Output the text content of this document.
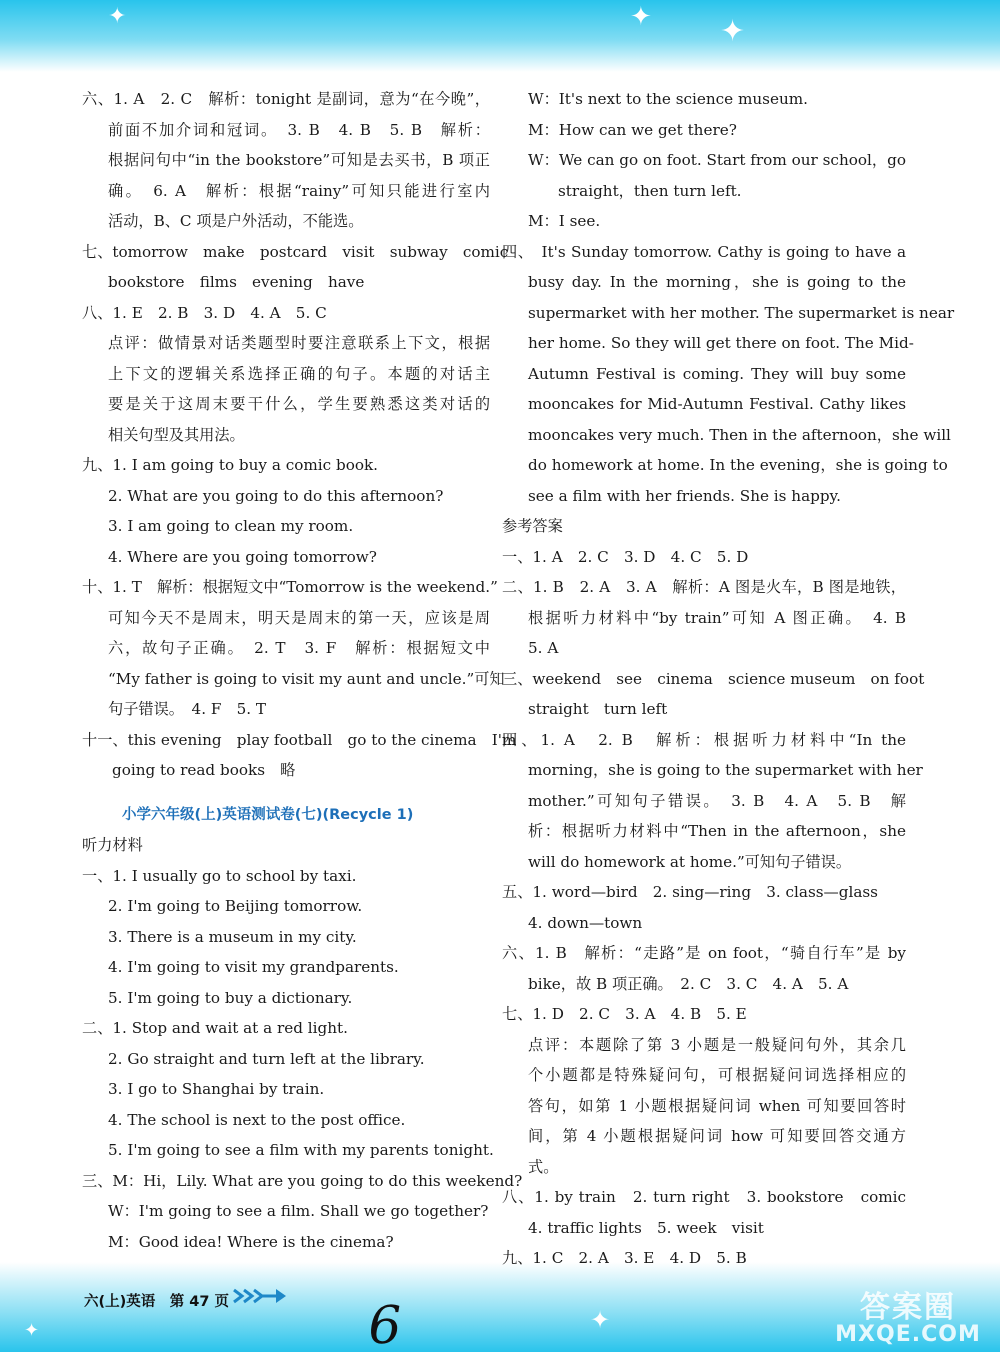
✦	✦ ✦
✦
✦
六、1. A　2. C　解析：tonight 是副词，意为“在今晚”，
前面不加介词和冠词。　3. B　4. B　5. B　解析：
根据问句中“in the bookstore”可知是去买书，B 项正
确。　6. A　解析：根据“rainy”可知只能进行室内
活动，B、C 项是户外活动，不能选。
七、tomorrow　make　postcard　visit　subway　comic
bookstore　films　evening　have
八、1. E　2. B　3. D　4. A　5. C
点评：做情景对话类题型时要注意联系上下文，根据
上下文的逻辑关系选择正确的句子。本题的对话主
要是关于这周末要干什么，学生要熟悉这类对话的
相关句型及其用法。
九、1. I am going to buy a comic book.
2. What are you going to do this afternoon?
3. I am going to clean my room.
4. Where are you going tomorrow?
十、1. T　解析：根据短文中“Tomorrow is the weekend.”
可知今天不是周末，明天是周末的第一天，应该是周
六，故句子正确。　2. T　3. F　解析：根据短文中
“My father is going to visit my aunt and uncle.”可知
句子错误。　4. F　5. T
十一、this evening　play football　go to the cinema　I'm
going to read books　略
小学六年级(上)英语测试卷(七)(Recycle 1)
听力材料
一、1. I usually go to school by taxi.
2. I'm going to Beijing tomorrow.
3. There is a museum in my city.
4. I'm going to visit my grandparents.
5. I'm going to buy a dictionary.
二、1. Stop and wait at a red light.
2. Go straight and turn left at the library.
3. I go to Shanghai by train.
4. The school is next to the post office.
5. I'm going to see a film with my parents tonight.
三、M：Hi，Lily. What are you going to do this weekend?
W：I'm going to see a film. Shall we go together?
M：Good idea! Where is the cinema?
W：It's next to the science museum.
M：How can we get there?
W：We can go on foot. Start from our school，go
straight，then turn left.
M：I see.
四、　It's Sunday tomorrow. Cathy is going to have a
busy day. In the morning，she is going to the
supermarket with her mother. The supermarket is near
her home. So they will get there on foot. The Mid-
Autumn Festival is coming. They will buy some
mooncakes for Mid-Autumn Festival. Cathy likes
mooncakes very much. Then in the afternoon，she will
do homework at home. In the evening，she is going to
see a film with her friends. She is happy.
参考答案
一、1. A　2. C　3. D　4. C　5. D
二、1. B　2. A　3. A　解析：A 图是火车，B 图是地铁，
根据听力材料中“by train”可知 A 图正确。　4. B
5. A
三、weekend　see　cinema　science museum　on foot
straight　turn left
四、1. A　2. B　解析：根据听力材料中“In the
morning，she is going to the supermarket with her
mother.”可知句子错误。　3. B　4. A　5. B　解
析：根据听力材料中“Then in the afternoon，she
will do homework at home.”可知句子错误。
五、1. word—bird　2. sing—ring　3. class—glass
4. down—town
六、1. B　解析：“走路”是 on foot，“骑自行车”是 by
bike，故 B 项正确。　2. C　3. C　4. A　5. A
七、1. D　2. C　3. A　4. B　5. E
点评：本题除了第 3 小题是一般疑问句外，其余几
个小题都是特殊疑问句，可根据疑问词选择相应的
答句，如第 1 小题根据疑问词 when 可知要回答时
间，第 4 小题根据疑问词 how 可知要回答交通方
式。
八、1. by train　2. turn right　3. bookstore　comic
4. traffic lights　5. week　visit
九、1. C　2. A　3. E　4. D　5. B
六(上)英语　第 47 页	6	答案圈
MXQE.COM
